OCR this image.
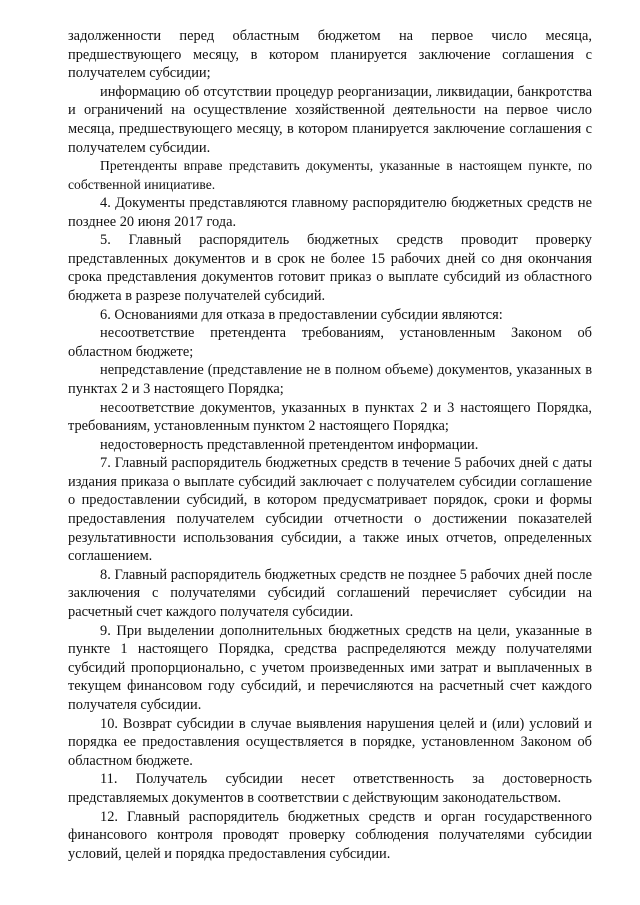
задолженности перед областным бюджетом на первое число месяца, предшествующего месяцу, в котором планируется заключение соглашения с получателем субсидии;

информацию об отсутствии процедур реорганизации, ликвидации, банкротства и ограничений на осуществление хозяйственной деятельности на первое число месяца, предшествующего месяцу, в котором планируется заключение соглашения с получателем субсидии.

Претенденты вправе представить документы, указанные в настоящем пункте, по собственной инициативе.

4. Документы представляются главному распорядителю бюджетных средств не позднее 20 июня 2017 года.

5. Главный распорядитель бюджетных средств проводит проверку представленных документов и в срок не более 15 рабочих дней со дня окончания срока представления документов готовит приказ о выплате субсидий из областного бюджета в разрезе получателей субсидий.

6. Основаниями для отказа в предоставлении субсидии являются:

несоответствие претендента требованиям, установленным Законом об областном бюджете;

непредставление (представление не в полном объеме) документов, указанных в пунктах 2 и 3 настоящего Порядка;

несоответствие документов, указанных в пунктах 2 и 3 настоящего Порядка, требованиям, установленным пунктом 2 настоящего Порядка;

недостоверность представленной претендентом информации.

7. Главный распорядитель бюджетных средств в течение 5 рабочих дней с даты издания приказа о выплате субсидий заключает с получателем субсидии соглашение о предоставлении субсидий, в котором предусматривает порядок, сроки и формы предоставления получателем субсидии отчетности о достижении показателей результативности использования субсидии, а также иных отчетов, определенных соглашением.

8. Главный распорядитель бюджетных средств не позднее 5 рабочих дней после заключения с получателями субсидий соглашений перечисляет субсидии на расчетный счет каждого получателя субсидии.

9. При выделении дополнительных бюджетных средств на цели, указанные в пункте 1 настоящего Порядка, средства распределяются между получателями субсидий пропорционально, с учетом произведенных ими затрат и выплаченных в текущем финансовом году субсидий, и перечисляются на расчетный счет каждого получателя субсидии.

10. Возврат субсидии в случае выявления нарушения целей и (или) условий и порядка ее предоставления осуществляется в порядке, установленном Законом об областном бюджете.

11. Получатель субсидии несет ответственность за достоверность представляемых документов в соответствии с действующим законодательством.

12. Главный распорядитель бюджетных средств и орган государственного финансового контроля проводят проверку соблюдения получателями субсидии условий, целей и порядка предоставления субсидии.
